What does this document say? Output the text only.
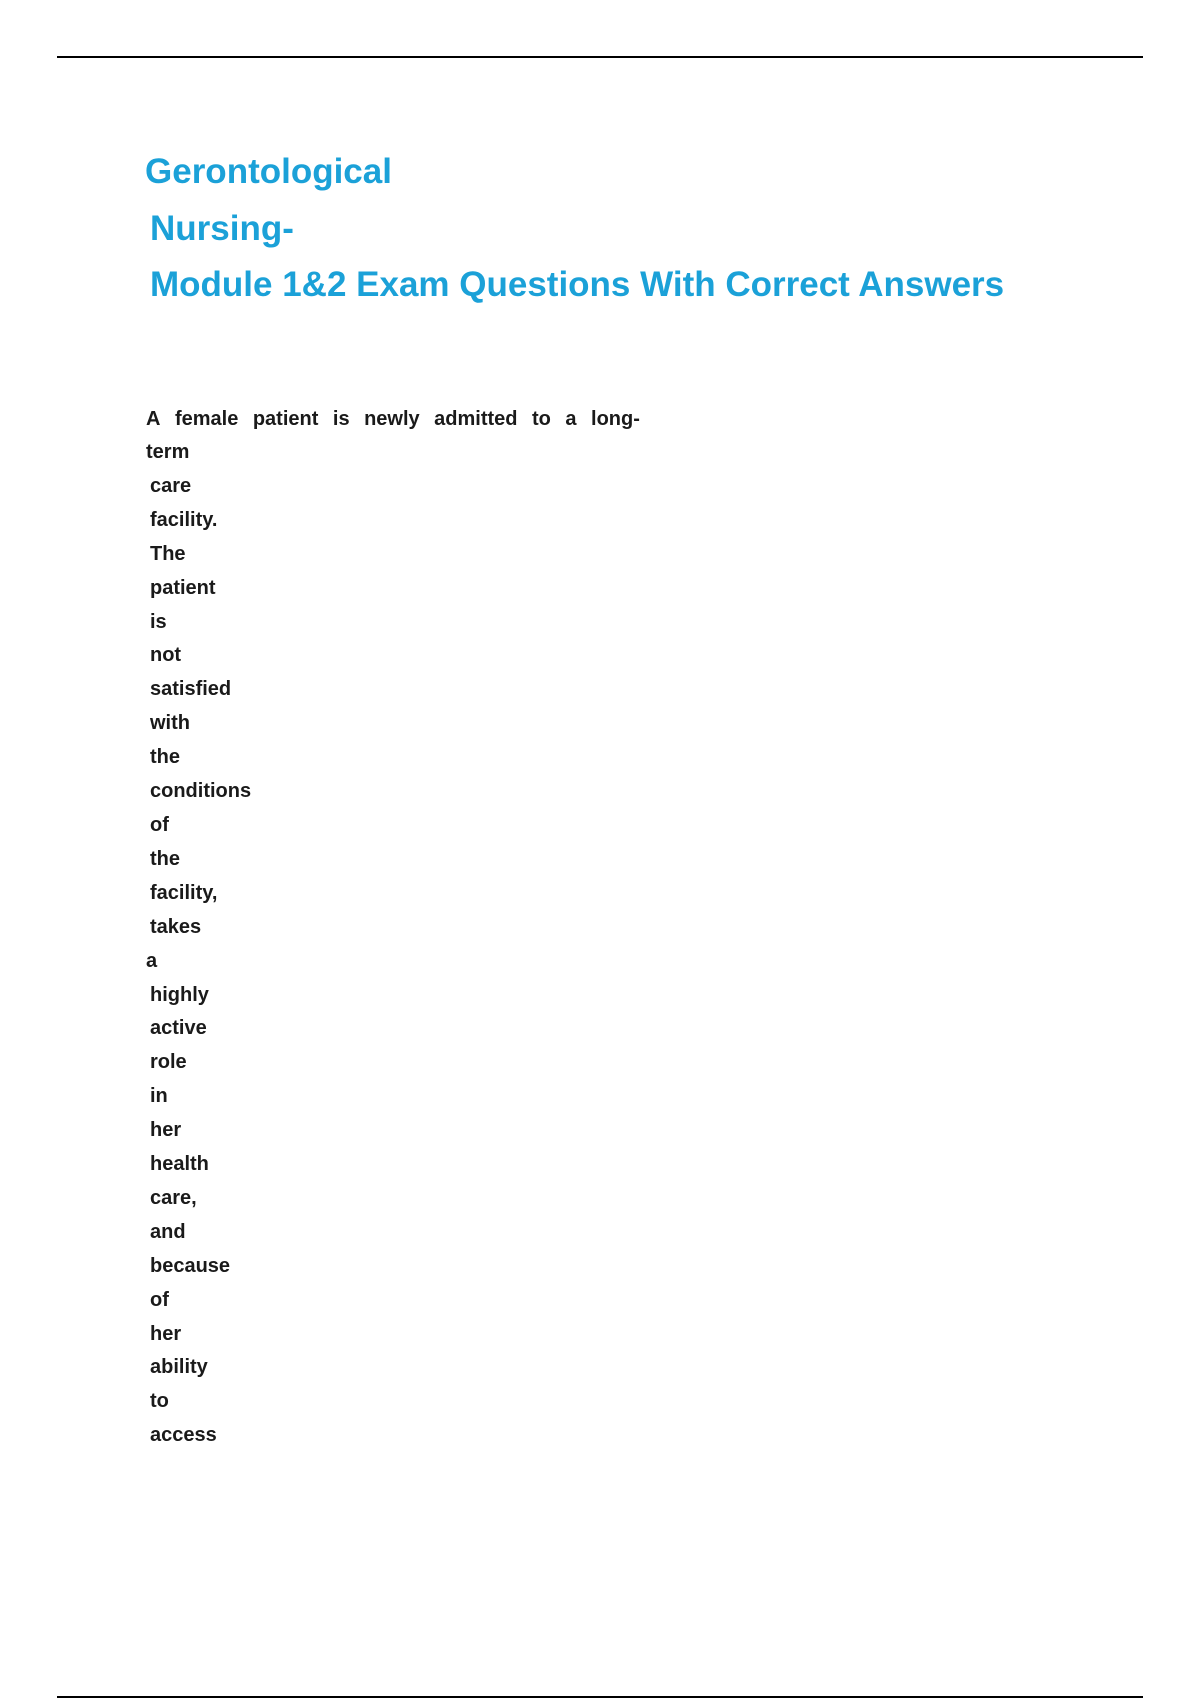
Gerontological
Nursing-
Module 1&2 Exam Questions With Correct Answers
A female patient is newly admitted to a long-
term
care
facility.
The
patient
is
not
satisfied
with
the
conditions
of
the
facility,
takes
a
highly
active
role
in
her
health
care,
and
because
of
her
ability
to
access
